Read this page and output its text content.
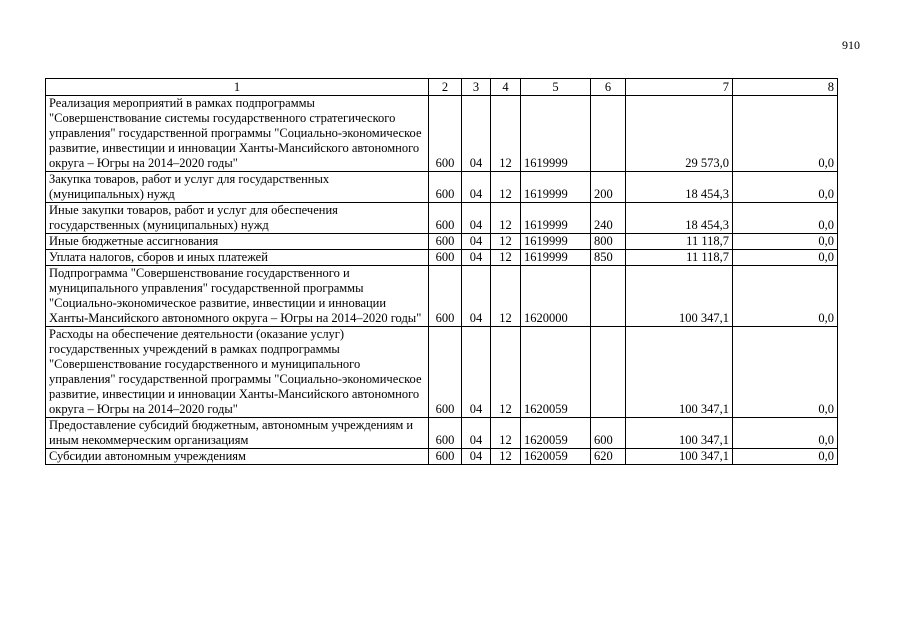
910
1	2	3	4	5	6	7	8
Реализация мероприятий в рамках подпрограммы "Совершенствование системы государственного стратегического управления" государственной программы "Социально-экономическое развитие, инвестиции и инновации Ханты-Мансийского автономного округа – Югры на 2014–2020 годы"	600	04	12	1619999		29 573,0	0,0
Закупка товаров, работ и услуг для государственных (муниципальных) нужд	600	04	12	1619999	200	18 454,3	0,0
Иные закупки товаров, работ и услуг для обеспечения государственных (муниципальных) нужд	600	04	12	1619999	240	18 454,3	0,0
Иные бюджетные ассигнования	600	04	12	1619999	800	11 118,7	0,0
Уплата налогов, сборов и иных платежей	600	04	12	1619999	850	11 118,7	0,0
Подпрограмма "Совершенствование государственного и муниципального управления" государственной программы "Социально-экономическое развитие, инвестиции и инновации Ханты-Мансийского автономного округа – Югры на 2014–2020 годы"	600	04	12	1620000		100 347,1	0,0
Расходы на обеспечение деятельности (оказание услуг) государственных учреждений в рамках подпрограммы "Совершенствование государственного и муниципального управления" государственной программы "Социально-экономическое развитие, инвестиции и инновации Ханты-Мансийского автономного округа – Югры на 2014–2020 годы"	600	04	12	1620059		100 347,1	0,0
Предоставление субсидий бюджетным, автономным учреждениям и иным некоммерческим организациям	600	04	12	1620059	600	100 347,1	0,0
Субсидии автономным учреждениям	600	04	12	1620059	620	100 347,1	0,0
